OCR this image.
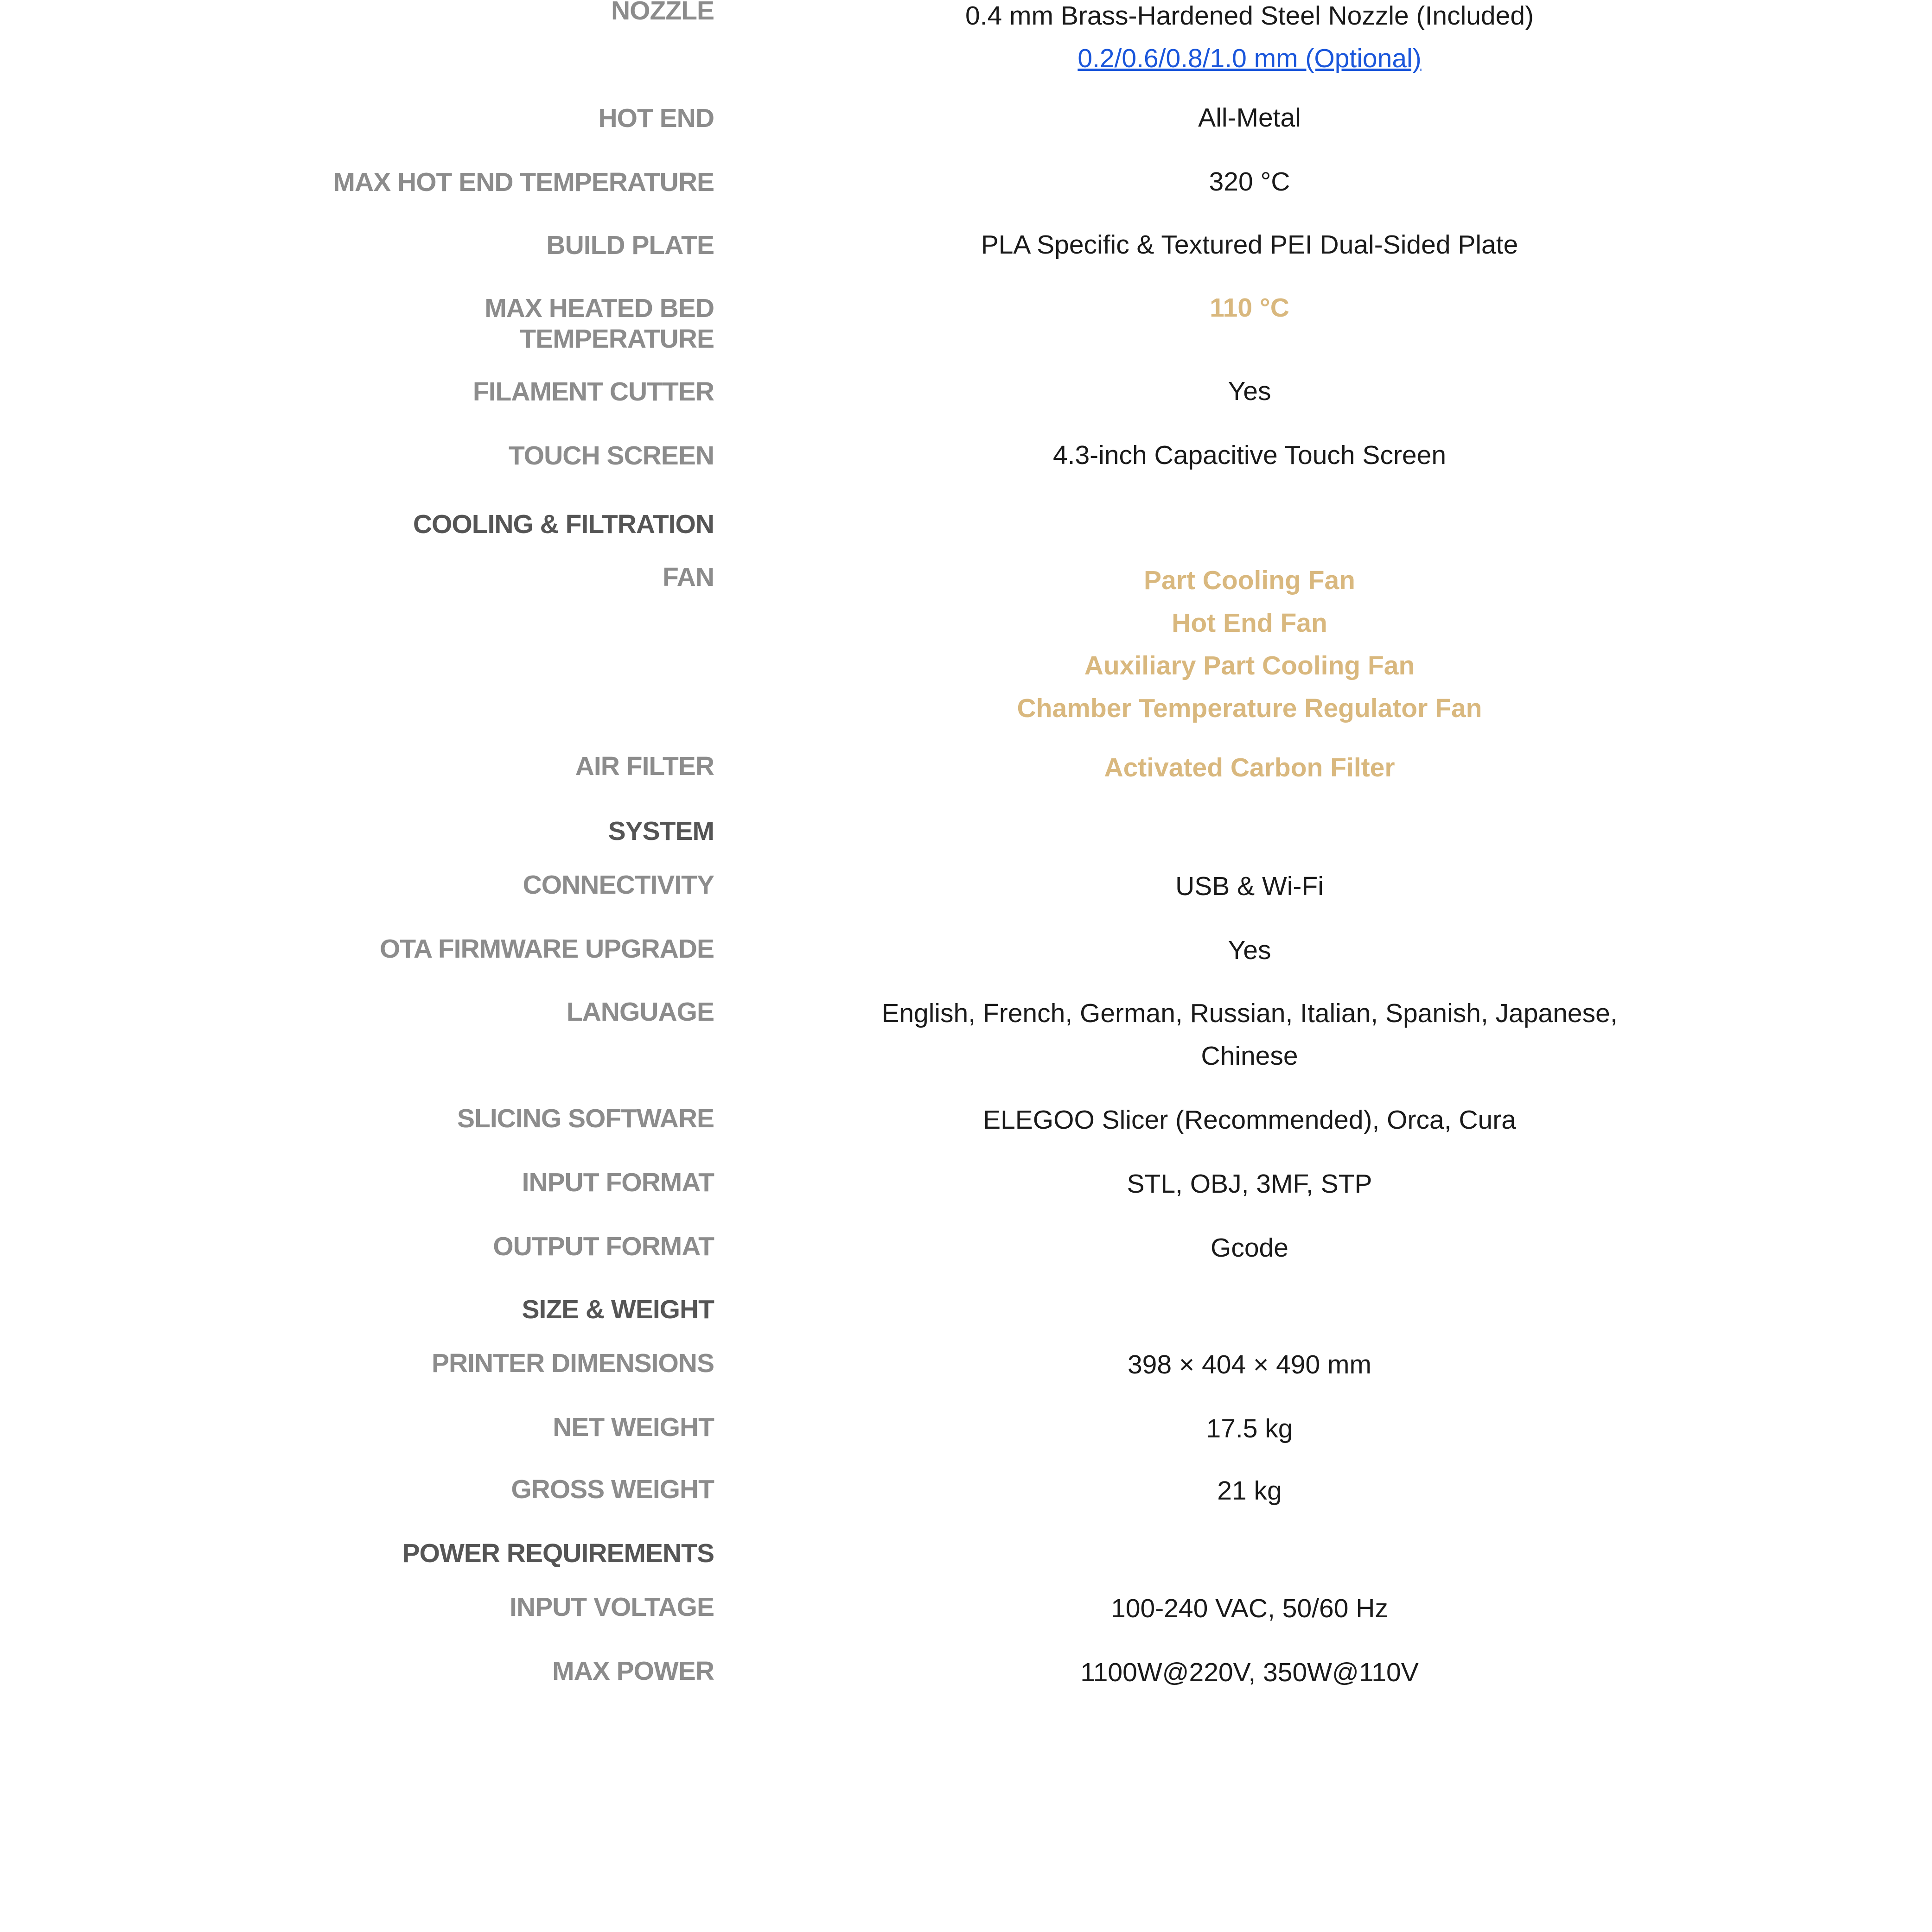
NOZZLE	0.4 mm Brass-Hardened Steel Nozzle (Included)
0.2/0.6/0.8/1.0 mm (Optional)
HOT END	All-Metal
MAX HOT END TEMPERATURE	320 °C
BUILD PLATE	PLA Specific & Textured PEI Dual-Sided Plate
MAX HEATED BED
TEMPERATURE
110 °C
FILAMENT CUTTER	Yes
TOUCH SCREEN	4.3-inch Capacitive Touch Screen
COOLING & FILTRATION
FAN	Part Cooling Fan
Hot End Fan
Auxiliary Part Cooling Fan
Chamber Temperature Regulator Fan
AIR FILTER	Activated Carbon Filter
SYSTEM
CONNECTIVITY	USB & Wi-Fi
OTA FIRMWARE UPGRADE	Yes
LANGUAGE	English, French, German, Russian, Italian, Spanish, Japanese,
Chinese
SLICING SOFTWARE	ELEGOO Slicer (Recommended), Orca, Cura
INPUT FORMAT	STL, OBJ, 3MF, STP
OUTPUT FORMAT	Gcode
SIZE & WEIGHT
PRINTER DIMENSIONS	398 × 404 × 490 mm
NET WEIGHT	17.5 kg
GROSS WEIGHT	21 kg
POWER REQUIREMENTS
INPUT VOLTAGE	100-240 VAC, 50/60 Hz
MAX POWER	1100W@220V, 350W@110V
